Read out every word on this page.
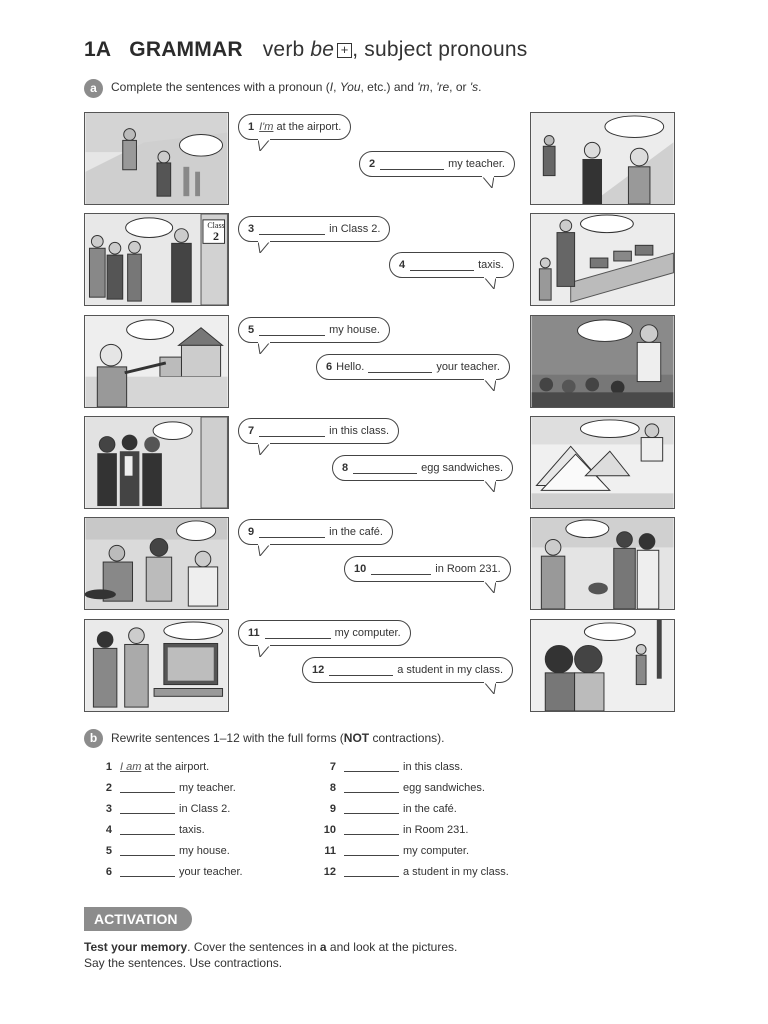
1A GRAMMAR verb be + , subject pronouns
a	Complete the sentences with a pronoun (I, You, etc.) and 'm, 're, or 's.
1 I'm at the airport.
2	my teacher.
Class
2	3	in Class 2.
4	taxis.
5	my house.
6 Hello.	your teacher.
7	in this class.
8	egg sandwiches.
9	in the café.
10	in Room 231.
11	my computer.
12	a student in my class.
b	Rewrite sentences 1–12 with the full forms (NOT contractions).
1 I am at the airport.
2	my teacher.
3	in Class 2.
4	taxis.
5	my house.
6	your teacher.
7	in this class.
8	egg sandwiches.
9	in the café.
10	in Room 231.
11	my computer.
12	a student in my class.
ACTIVATION
Test your memory. Cover the sentences in a and look at the pictures.
Say the sentences. Use contractions.
